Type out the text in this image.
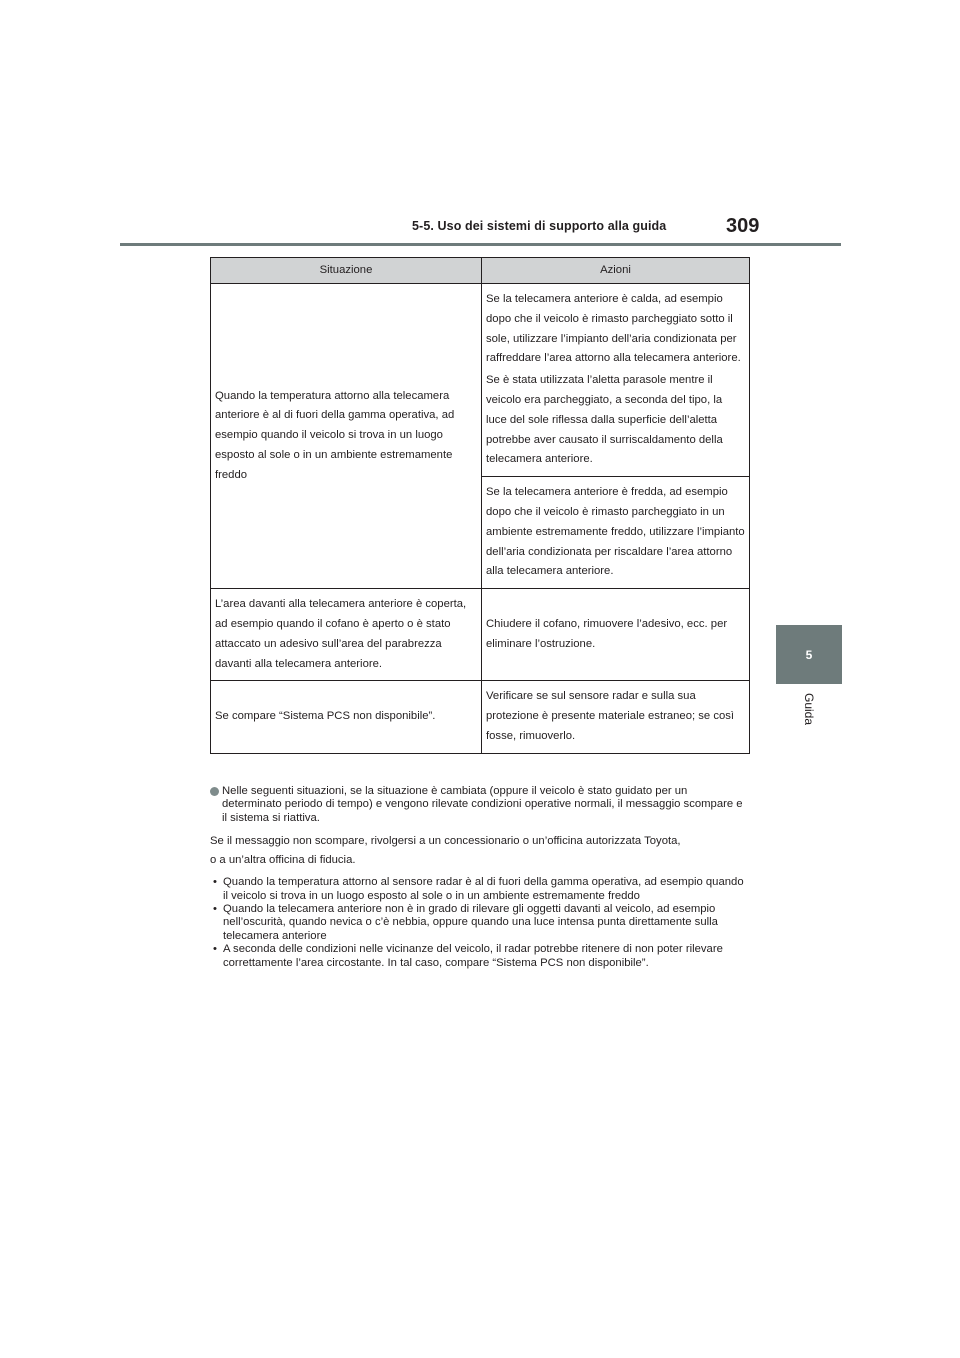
5-5. Uso dei sistemi di supporto alla guida	309
5
Guida
Situazione	Azioni
Quando la temperatura attorno alla telecamera anteriore è al di fuori della gamma operativa, ad esempio quando il veicolo si trova in un luogo esposto al sole o in un ambiente estremamente freddo	Se la telecamera anteriore è calda, ad esempio dopo che il veicolo è rimasto parcheggiato sotto il sole, utilizzare l’impianto dell’aria condizionata per raffreddare l’area attorno alla telecamera anteriore.

Se è stata utilizzata l’aletta parasole mentre il veicolo era parcheggiato, a seconda del tipo, la luce del sole riflessa dalla superficie dell’aletta potrebbe aver causato il surriscaldamento della telecamera anteriore.

	Se la telecamera anteriore è fredda, ad esempio dopo che il veicolo è rimasto parcheggiato in un ambiente estremamente freddo, utilizzare l’impianto dell’aria condizionata per riscaldare l’area attorno alla telecamera anteriore.
L’area davanti alla telecamera anteriore è coperta, ad esempio quando il cofano è aperto o è stato attaccato un adesivo sull’area del parabrezza davanti alla telecamera anteriore.	Chiudere il cofano, rimuovere l’adesivo, ecc. per eliminare l’ostruzione.
Se compare “Sistema PCS non disponibile”.	Verificare se sul sensore radar e sulla sua protezione è presente materiale estraneo; se così fosse, rimuoverlo.
Nelle seguenti situazioni, se la situazione è cambiata (oppure il veicolo è stato guidato per un determinato periodo di tempo) e vengono rilevate condizioni operative normali, il messaggio scompare e il sistema si riattiva.
Se il messaggio non scompare, rivolgersi a un concessionario o un’officina autorizzata Toyota,
o a un’altra officina di fiducia.
• Quando la temperatura attorno al sensore radar è al di fuori della gamma operativa, ad esempio quando il veicolo si trova in un luogo esposto al sole o in un ambiente estremamente freddo
• Quando la telecamera anteriore non è in grado di rilevare gli oggetti davanti al veicolo, ad esempio nell’oscurità, quando nevica o c’è nebbia, oppure quando una luce intensa punta direttamente sulla telecamera anteriore
• A seconda delle condizioni nelle vicinanze del veicolo, il radar potrebbe ritenere di non poter rilevare correttamente l’area circostante. In tal caso, compare “Sistema PCS non disponibile”.
